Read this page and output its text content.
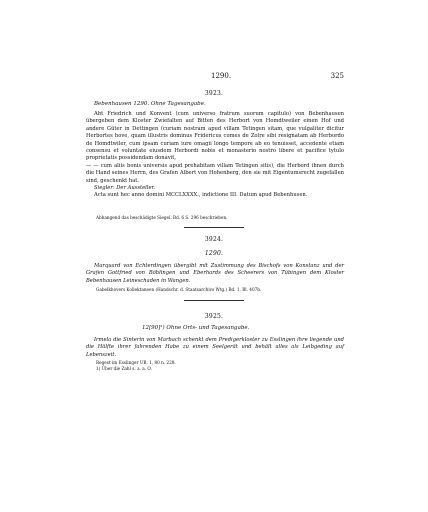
1290.	325
3923.
Bebenhausen 1290. Ohne Tagesangabe.

Abt Friedrich und Konvent (cum universo fratrum suorum capitulo) von Bebenhausen übergeben dem Kloster Zwiefalten auf Bitten des Herbort von Homdtweiler einen Hof und andere Güter in Dettingen (curiam nostram apud villam Tetingen sitam, que vulgaliter dicitur Herbortes hove, quam illustris dominus Fridericus comes de Zolre sibi resignatam ab Herbordo de Homdtwiler, cum ipsam curiam iure omagii longo tempore ab eo tenuisset, accedente etiam consensu et voluntate eiusdem Herbordi nobis et monasterio nostro libere et pacifice tytulo proprietatis possidendam donavit,

— — cum aliis bonis universis apud prehabitam villam Tetingen sitis), die Herbord ihnen durch die Hand seines Herrn, des Grafen Albert von Hohenberg, den sie mit Eigentumsrecht zugefallen sind, geschenkt hat.

Siegler: Der Aussteller.

Acta sunt hec anno domini MCCLXXXX., indictione III. Datum apud Bebenhusen.

Abhangend das beschädigte Siegel. Bd. 6 S. 296 beschrieben.
3924.
1290.
Marquard von Echterdingen übergibt mit Zustimmung des Bischofs von Konstanz und der Grafen Gottfried von Böblingen und Eberhards des Scheerers von Tübingen dem Kloster Bebenhausen Leineschaden in Wangen.
Gabelkhovers Kollektaneen (Handschr. d. Staatsarchivs Wtg.) Bd. 1, Bl. 407b.
3925.
12[90]¹) Ohne Orts- und Tagesangabe.
Irmela die Sinterin von Marbach schenkt dem Predigerkloster zu Esslingen ihre liegende und die Hälfte ihrer fahrenden Habe zu einem Seelgerät und behält alles als Leibgeding auf Lebenszeit.
Regest im Esslinger UB. 1, 80 n. 228.
1) Über die Zahl s. a. a. O.
